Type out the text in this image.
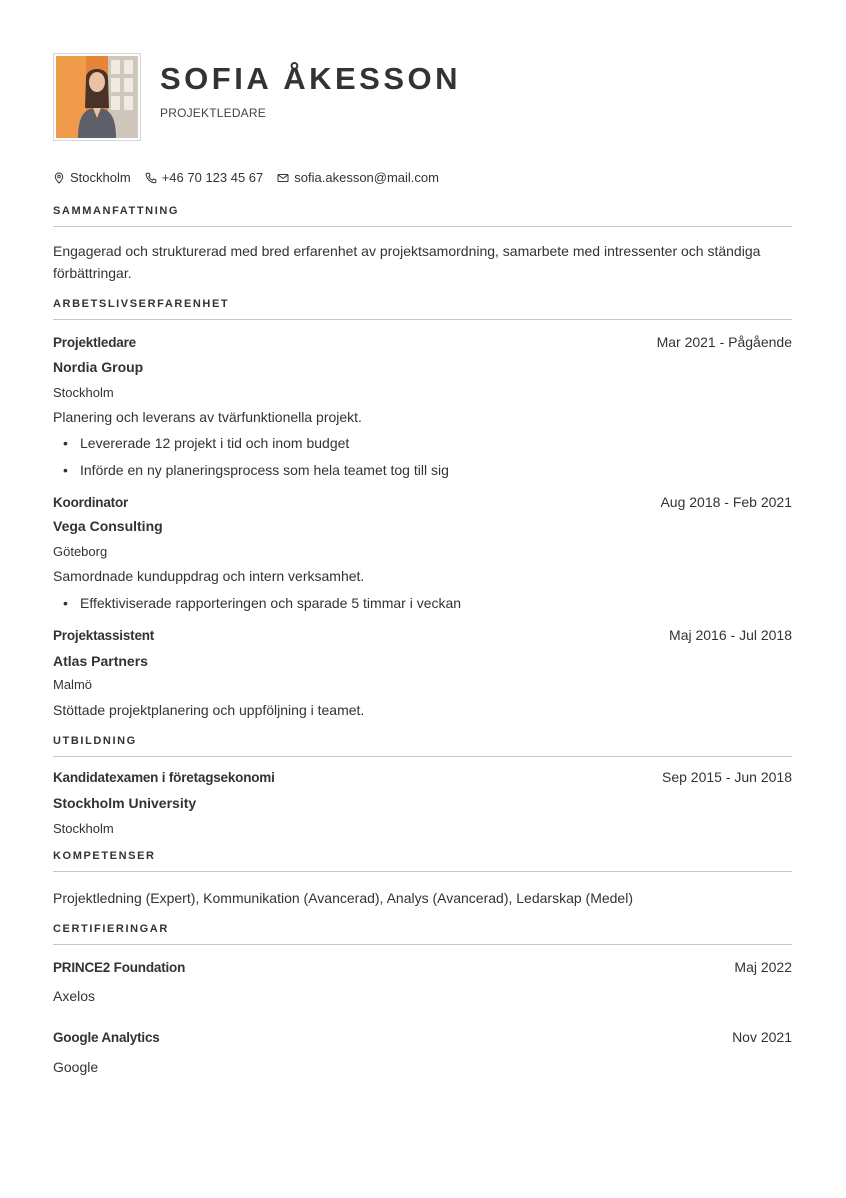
SOFIA ÅKESSON
PROJEKTLEDARE
Stockholm +46 70 123 45 67 sofia.akesson@mail.com
SAMMANFATTNING
Engagerad och strukturerad med bred erfarenhet av projektsamordning, samarbete med intressenter och ständiga förbättringar.
ARBETSLIVSERFARENHET
Projektledare	Mar 2021 - Pågående
Nordia Group
Stockholm
Planering och leverans av tvärfunktionella projekt.
• Levererade 12 projekt i tid och inom budget
• Införde en ny planeringsprocess som hela teamet tog till sig
Koordinator	Aug 2018 - Feb 2021
Vega Consulting
Göteborg
Samordnade kunduppdrag och intern verksamhet.
• Effektiviserade rapporteringen och sparade 5 timmar i veckan
Projektassistent	Maj 2016 - Jul 2018
Atlas Partners
Malmö
Stöttade projektplanering och uppföljning i teamet.
UTBILDNING
Kandidatexamen i företagsekonomi	Sep 2015 - Jun 2018
Stockholm University
Stockholm
KOMPETENSER
Projektledning (Expert), Kommunikation (Avancerad), Analys (Avancerad), Ledarskap (Medel)
CERTIFIERINGAR
PRINCE2 Foundation	Maj 2022
Axelos
Google Analytics	Nov 2021
Google
